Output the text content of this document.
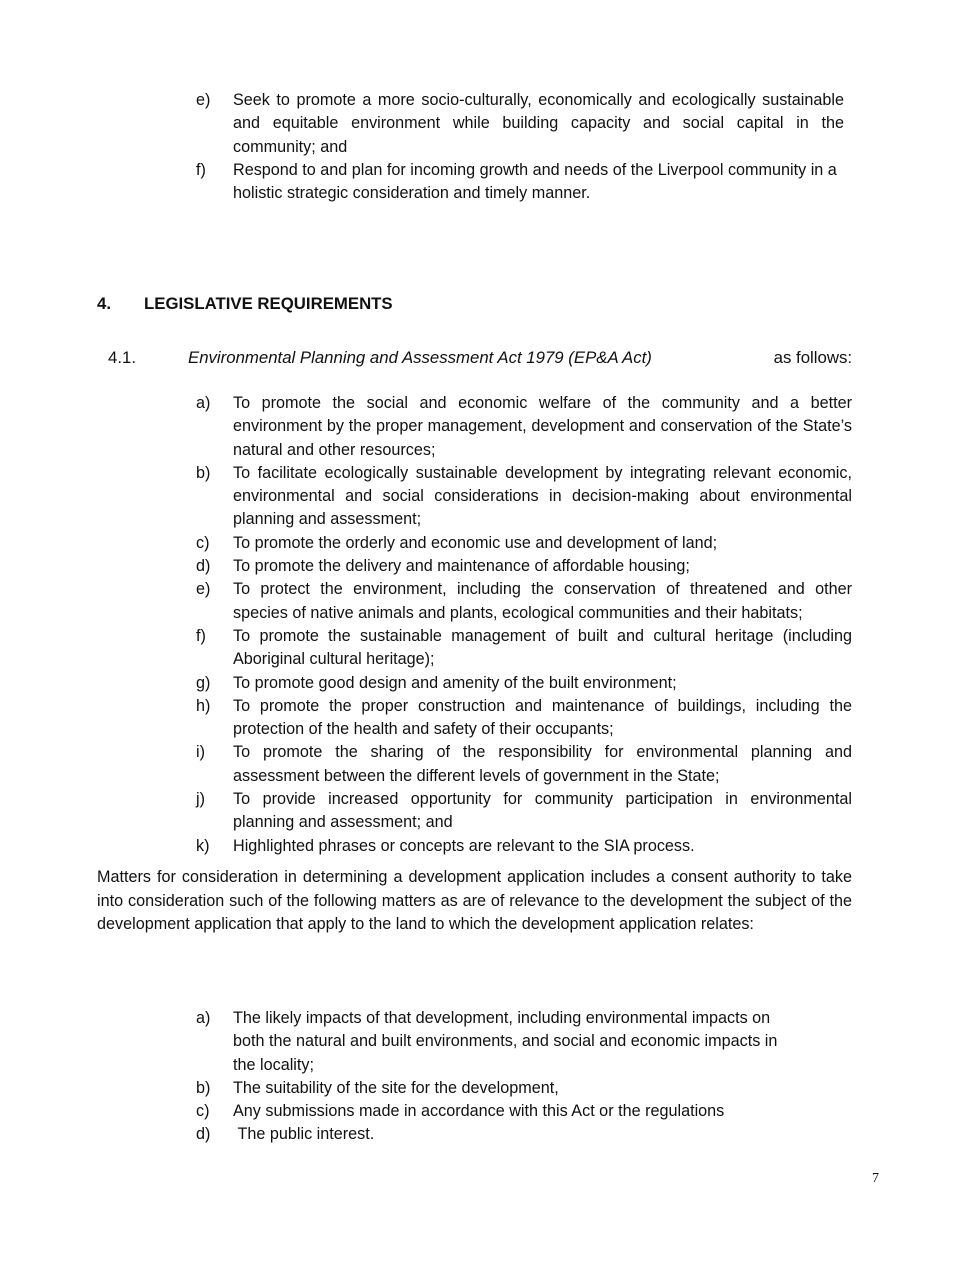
e)	Seek to promote a more socio-culturally, economically and ecologically sustainable and equitable environment while building capacity and social capital in the community; and
f)	Respond to and plan for incoming growth and needs of the Liverpool community in a holistic strategic consideration and timely manner.
4.	LEGISLATIVE REQUIREMENTS
4.1.	Environmental Planning and Assessment Act 1979 (EP&A Act)	as follows:
a)	To promote the social and economic welfare of the community and a better environment by the proper management, development and conservation of the State’s natural and other resources;
b)	To facilitate ecologically sustainable development by integrating relevant economic, environmental and social considerations in decision-making about environmental planning and assessment;
c)	To promote the orderly and economic use and development of land;
d)	To promote the delivery and maintenance of affordable housing;
e)	To protect the environment, including the conservation of threatened and other species of native animals and plants, ecological communities and their habitats;
f)	To promote the sustainable management of built and cultural heritage (including Aboriginal cultural heritage);
g)	To promote good design and amenity of the built environment;
h)	To promote the proper construction and maintenance of buildings, including the protection of the health and safety of their occupants;
i)	To promote the sharing of the responsibility for environmental planning and assessment between the different levels of government in the State;
j)	To provide increased opportunity for community participation in environmental planning and assessment; and
k)	Highlighted phrases or concepts are relevant to the SIA process.

Matters for consideration in determining a development application includes a consent authority to take into consideration such of the following matters as are of relevance to the development the subject of the development application that apply to the land to which the development application relates:

a)	The likely impacts of that development, including environmental impacts on both the natural and built environments, and social and economic impacts in the locality;
b)	The suitability of the site for the development,
c)	Any submissions made in accordance with this Act or the regulations
d)	The public interest.
7
